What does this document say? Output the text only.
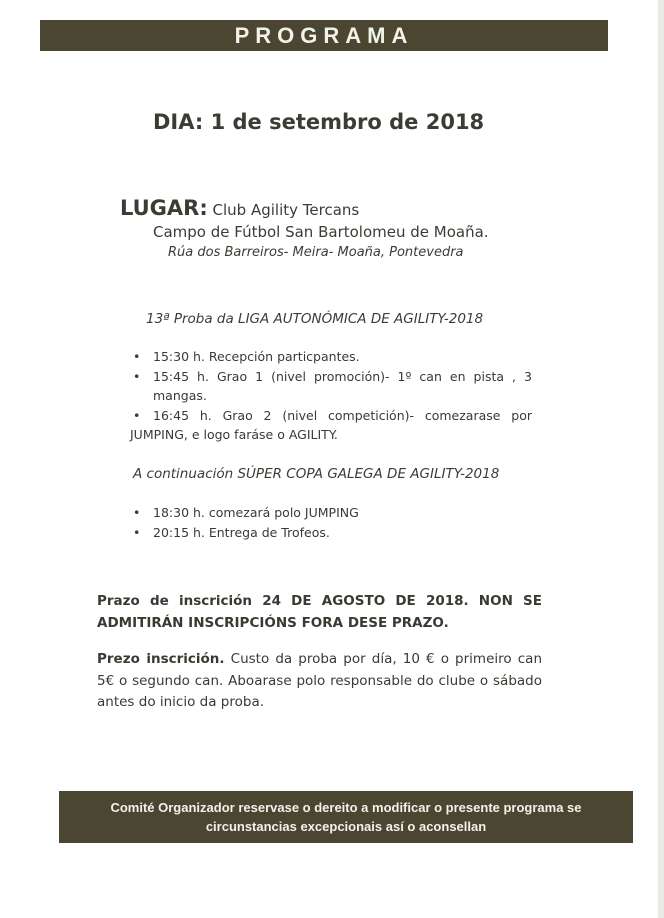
PROGRAMA
DIA: 1 de setembro de 2018
LUGAR: Club Agility Tercans
Campo de Fútbol San Bartolomeu de Moaña.
Rúa dos Barreiros- Meira- Moaña, Pontevedra
13ª Proba da LIGA AUTONÓMICA DE AGILITY-2018
• 15:30 h. Recepción particpantes.
• 15:45 h. Grao 1 (nivel promoción)- 1º can en pista , 3 mangas.
• 16:45 h. Grao 2 (nivel competición)- comezarase por JUMPING, e logo faráse o AGILITY.
A continuación SÚPER COPA GALEGA DE AGILITY-2018
• 18:30 h. comezará polo JUMPING
• 20:15 h. Entrega de Trofeos.
Prazo de inscrición 24 DE AGOSTO DE 2018. NON SE ADMITIRÁN INSCRIPCIÓNS FORA DESE PRAZO.
Prezo inscrición. Custo da proba por día, 10 € o primeiro can 5€ o segundo can. Aboarase polo responsable do clube o sábado antes do inicio da proba.
Comité Organizador reservase o dereito a modificar o presente programa se
circunstancias excepcionais así o aconsellan
